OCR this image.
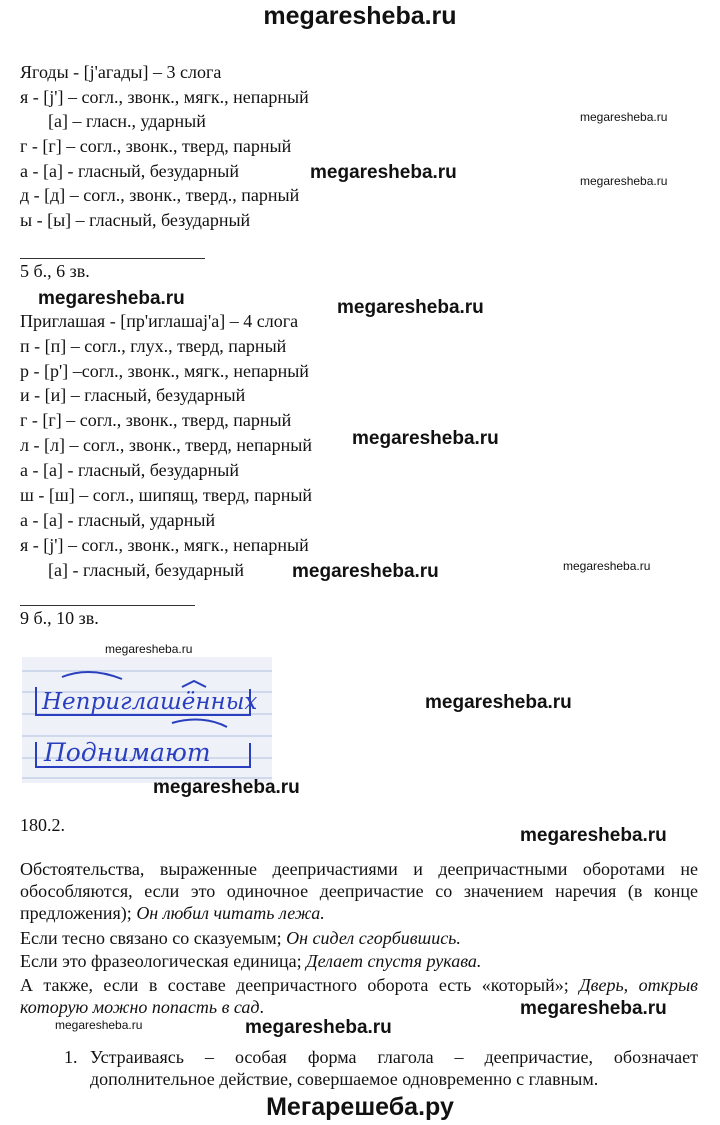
megaresheba.ru
Ягоды - [j'агады] – 3 слога
я - [j'] – согл., звонк., мягк., непарный
[а] – гласн., ударный
г - [г] – согл., звонк., тверд, парный
а - [а] - гласный, безударный
д - [д] – согл., звонк., тверд., парный
ы - [ы] – гласный, безударный
5 б., 6 зв.
Приглашая - [пр'иглашаj'а] – 4 слога
п - [п] – согл., глух., тверд, парный
р - [р'] –согл., звонк., мягк., непарный
и - [и] – гласный, безударный
г - [г] – согл., звонк., тверд, парный
л - [л] – согл., звонк., тверд, непарный
а - [а] - гласный, безударный
ш - [ш] – согл., шипящ, тверд, парный
а - [а] - гласный, ударный
я - [j'] – согл., звонк., мягк., непарный
[а] - гласный, безударный
9 б., 10 зв.
Неприглашённых
Поднимают
180.2.
Обстоятельства, выраженные деепричастиями и деепричастными оборотами не обособляются, если это одиночное деепричастие со значением наречия (в конце предложения); Он любил читать лежа.
Если тесно связано со сказуемым; Он сидел сгорбившись.
Если это фразеологическая единица; Делает спустя рукава.
А также, если в составе деепричастного оборота есть «который»; Дверь, открыв которую можно попасть в сад.
1. Устраиваясь – особая форма глагола – деепричастие, обозначает дополнительное действие, совершаемое одновременно с главным.
megaresheba.ru
megaresheba.ru	megaresheba.ru
megaresheba.ru
megaresheba.ru
megaresheba.ru
megaresheba.ru
megaresheba.ru
megaresheba.ru
megaresheba.ru
megaresheba.ru
megaresheba.ru
megaresheba.ru
megaresheba.ru
megaresheba.ru
Мегарешеба.ру
